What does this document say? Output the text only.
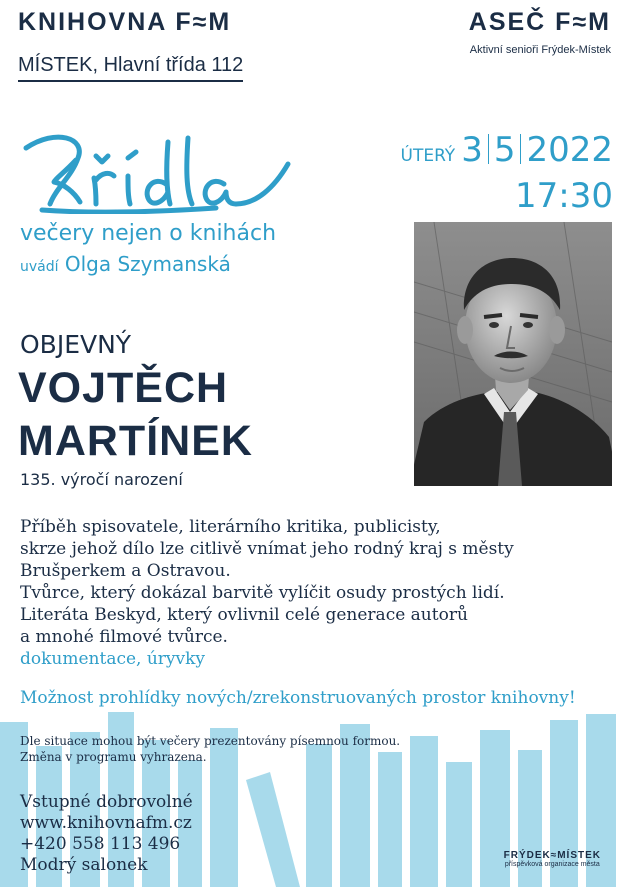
KNIHOVNA F≈M
MÍSTEK, Hlavní třída 112
ASEČ F≈M
Aktivní senioři Frýdek-Místek
večery nejen o knihách
uvádí Olga Szymanská
ÚTERÝ 3 5 2022
17:30
OBJEVNÝ
VOJTĚCH
MARTÍNEK
135. výročí narození
Příběh spisovatele, literárního kritika, publicisty,
skrze jehož dílo lze citlivě vnímat jeho rodný kraj s městy
Brušperkem a Ostravou.
Tvůrce, který dokázal barvitě vylíčit osudy prostých lidí.
Literáta Beskyd, který ovlivnil celé generace autorů
a mnohé filmové tvůrce.
dokumentace, úryvky
Možnost prohlídky nových/zrekonstruovaných prostor knihovny!
Dle situace mohou být večery prezentovány písemnou formou.
Změna v programu vyhrazena.
Vstupné dobrovolné
www.knihovnafm.cz
+420 558 113 496
Modrý salonek	FRÝDEK≈MÍSTEK
příspěvková organizace města
